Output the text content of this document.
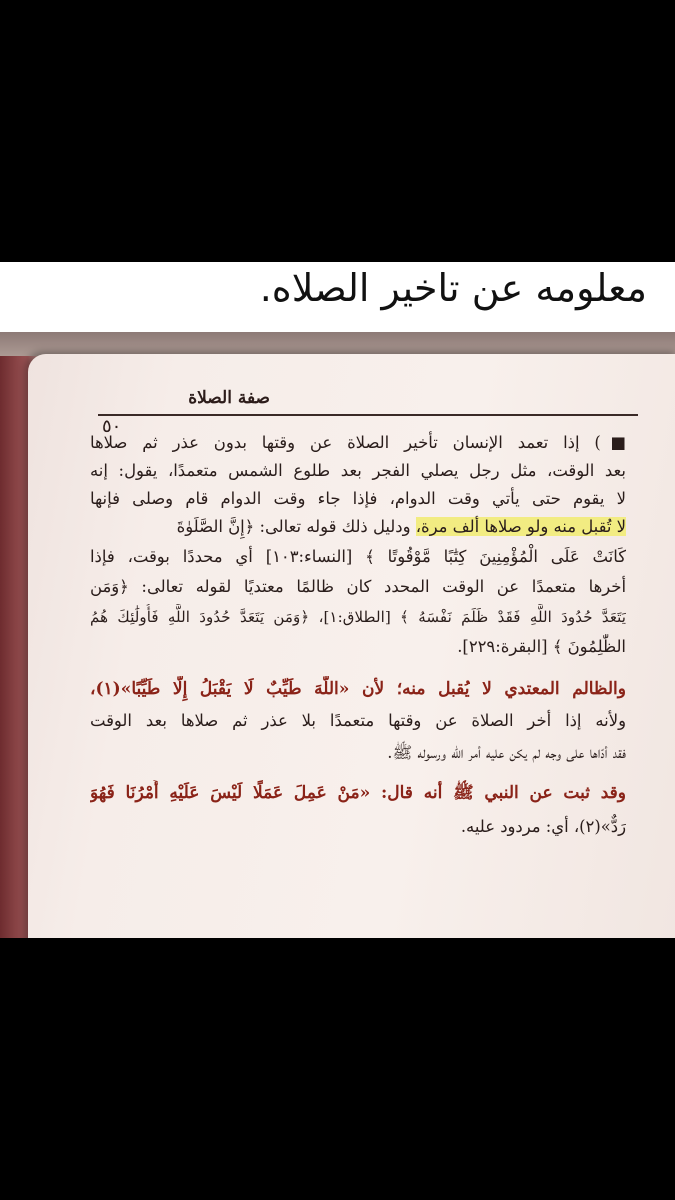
معلومه عن تاخير الصلاه.
صفة الصلاة
٥٠
■) إذا تعمد الإنسان تأخير الصلاة عن وقتها بدون عذر ثم صلاها
بعد الوقت، مثل رجل يصلي الفجر بعد طلوع الشمس متعمدًا، يقول: إنه
لا يقوم حتى يأتي وقت الدوام، فإذا جاء وقت الدوام قام وصلى فإنها
لا تُقبل منه ولو صلاها ألف مرة، ودليل ذلك قوله تعالى: ﴿إِنَّ الصَّلَوٰةَ
كَانَتْ عَلَى الْمُؤْمِنِينَ كِتَٰبًا مَّوْقُوتًا ﴾ [النساء:١٠٣] أي محددًا بوقت، فإذا
أخرها متعمدًا عن الوقت المحدد كان ظالمًا معتديًا لقوله تعالى: ﴿وَمَن
يَتَعَدَّ حُدُودَ اللَّهِ فَقَدْ ظَلَمَ نَفْسَهُ ﴾ [الطلاق:١]، ﴿وَمَن يَتَعَدَّ حُدُودَ اللَّهِ فَأُولَٰئِكَ هُمُ
الظَّٰلِمُونَ ﴾ [البقرة:٢٢٩].
والظالم المعتدي لا يُقبل منه؛ لأن «اللَّهَ طَيِّبٌ لَا يَقْبَلُ إِلَّا طَيِّبًا»(١)،
ولأنه إذا أخر الصلاة عن وقتها متعمدًا بلا عذر ثم صلاها بعد الوقت
فقد أدّاها على وجه لم يكن عليه أمر الله ورسوله ﷺ.
وقد ثبت عن النبي ﷺ أنه قال: «مَنْ عَمِلَ عَمَلًا لَيْسَ عَلَيْهِ أَمْرُنَا فَهُوَ
رَدٌّ»(٢)، أي: مردود عليه.
